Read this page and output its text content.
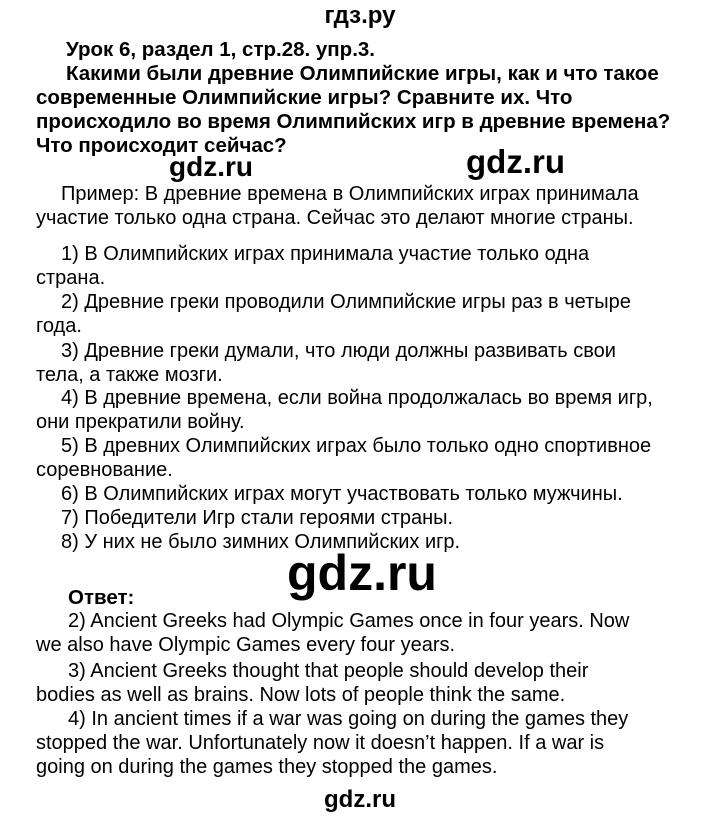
гдз.ру
Урок 6, раздел 1, стр.28. упр.3.
Какими были древние Олимпийские игры, как и что такое
современные Олимпийские игры? Сравните их. Что
происходило во время Олимпийских игр в древние времена?
Что происходит сейчас?
gdz.ru	gdz.ru
Пример: В древние времена в Олимпийских играх принимала
участие только одна страна. Сейчас это делают многие страны.
1) В Олимпийских играх принимала участие только одна
страна.
2) Древние греки проводили Олимпийские игры раз в четыре
года.
3) Древние греки думали, что люди должны развивать свои
тела, а также мозги.
4) В древние времена, если война продолжалась во время игр,
они прекратили войну.
5) В древних Олимпийских играх было только одно спортивное
соревнование.
6) В Олимпийских играх могут участвовать только мужчины.
7) Победители Игр стали героями страны.
8) У них не было зимних Олимпийских игр.
gdz.ru
Ответ:
2) Ancient Greeks had Olympic Games once in four years. Now
we also have Olympic Games every four years.
3) Ancient Greeks thought that people should develop their
bodies as well as brains. Now lots of people think the same.
4) In ancient times if a war was going on during the games they
stopped the war. Unfortunately now it doesn’t happen. If a war is
going on during the games they stopped the games.
gdz.ru
